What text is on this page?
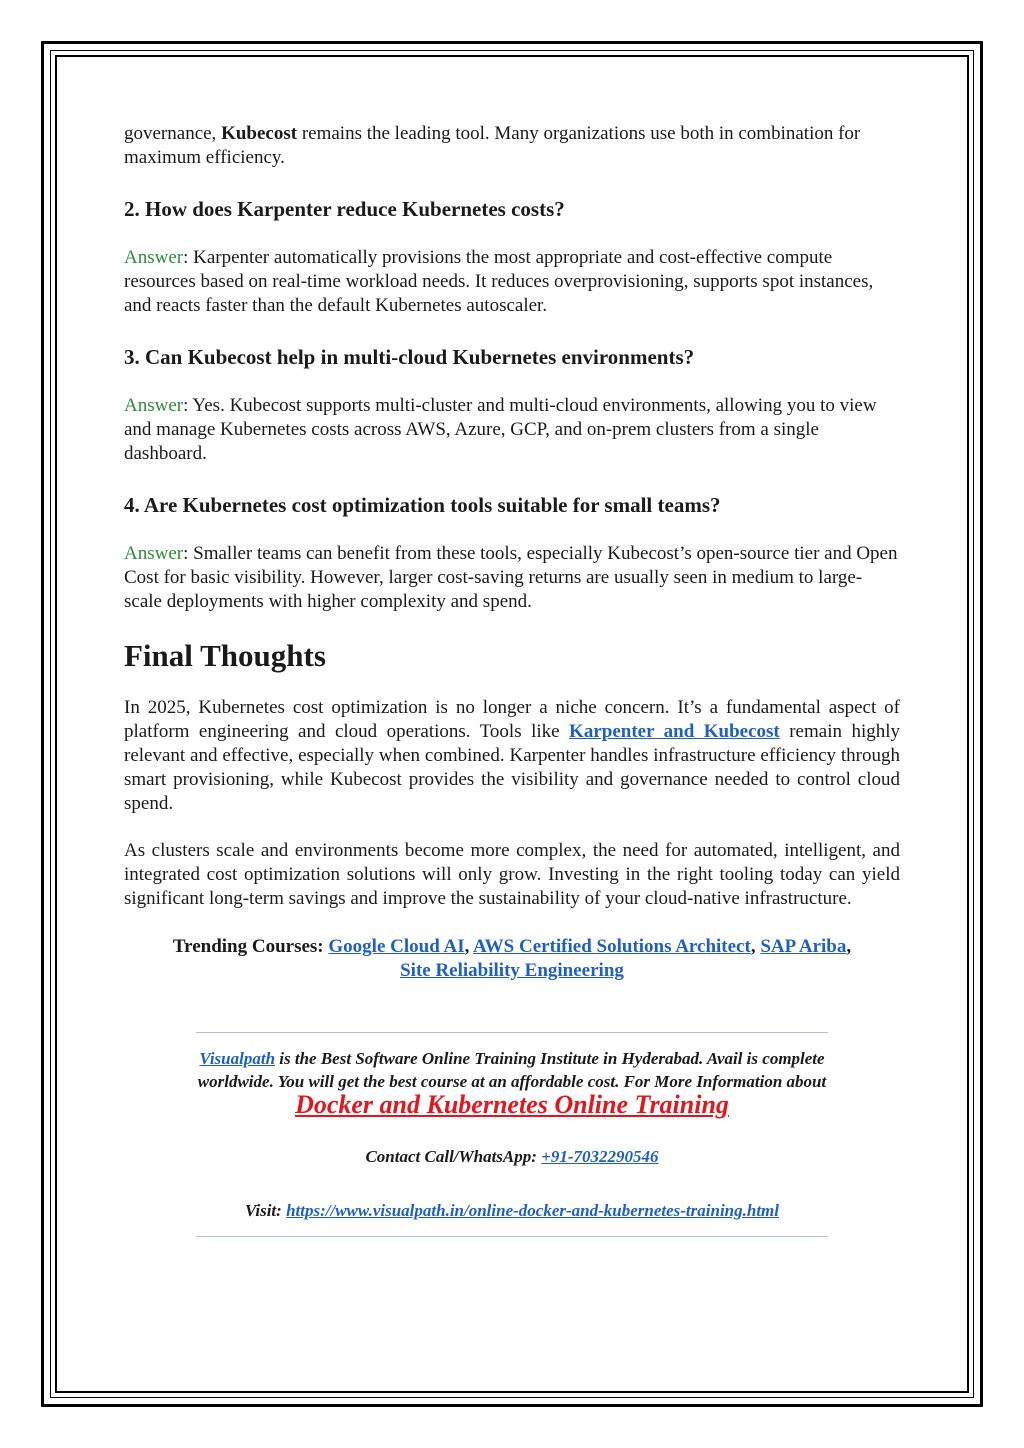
governance, Kubecost remains the leading tool. Many organizations use both in combination for maximum efficiency.

2. How does Karpenter reduce Kubernetes costs?

Answer: Karpenter automatically provisions the most appropriate and cost-effective compute resources based on real-time workload needs. It reduces overprovisioning, supports spot instances, and reacts faster than the default Kubernetes autoscaler.

3. Can Kubecost help in multi-cloud Kubernetes environments?

Answer: Yes. Kubecost supports multi-cluster and multi-cloud environments, allowing you to view and manage Kubernetes costs across AWS, Azure, GCP, and on-prem clusters from a single dashboard.

4. Are Kubernetes cost optimization tools suitable for small teams?

Answer: Smaller teams can benefit from these tools, especially Kubecost’s open-source tier and Open Cost for basic visibility. However, larger cost-saving returns are usually seen in medium to large-scale deployments with higher complexity and spend.

Final Thoughts

In 2025, Kubernetes cost optimization is no longer a niche concern. It’s a fundamental aspect of platform engineering and cloud operations. Tools like Karpenter and Kubecost remain highly relevant and effective, especially when combined. Karpenter handles infrastructure efficiency through smart provisioning, while Kubecost provides the visibility and governance needed to control cloud spend.

As clusters scale and environments become more complex, the need for automated, intelligent, and integrated cost optimization solutions will only grow. Investing in the right tooling today can yield significant long-term savings and improve the sustainability of your cloud-native infrastructure.

Trending Courses: Google Cloud AI, AWS Certified Solutions Architect, SAP Ariba,
Site Reliability Engineering

Visualpath is the Best Software Online Training Institute in Hyderabad. Avail is complete worldwide. You will get the best course at an affordable cost. For More Information about Docker and Kubernetes Online Training

Contact Call/WhatsApp: +91-7032290546

Visit: https://www.visualpath.in/online-docker-and-kubernetes-training.html
